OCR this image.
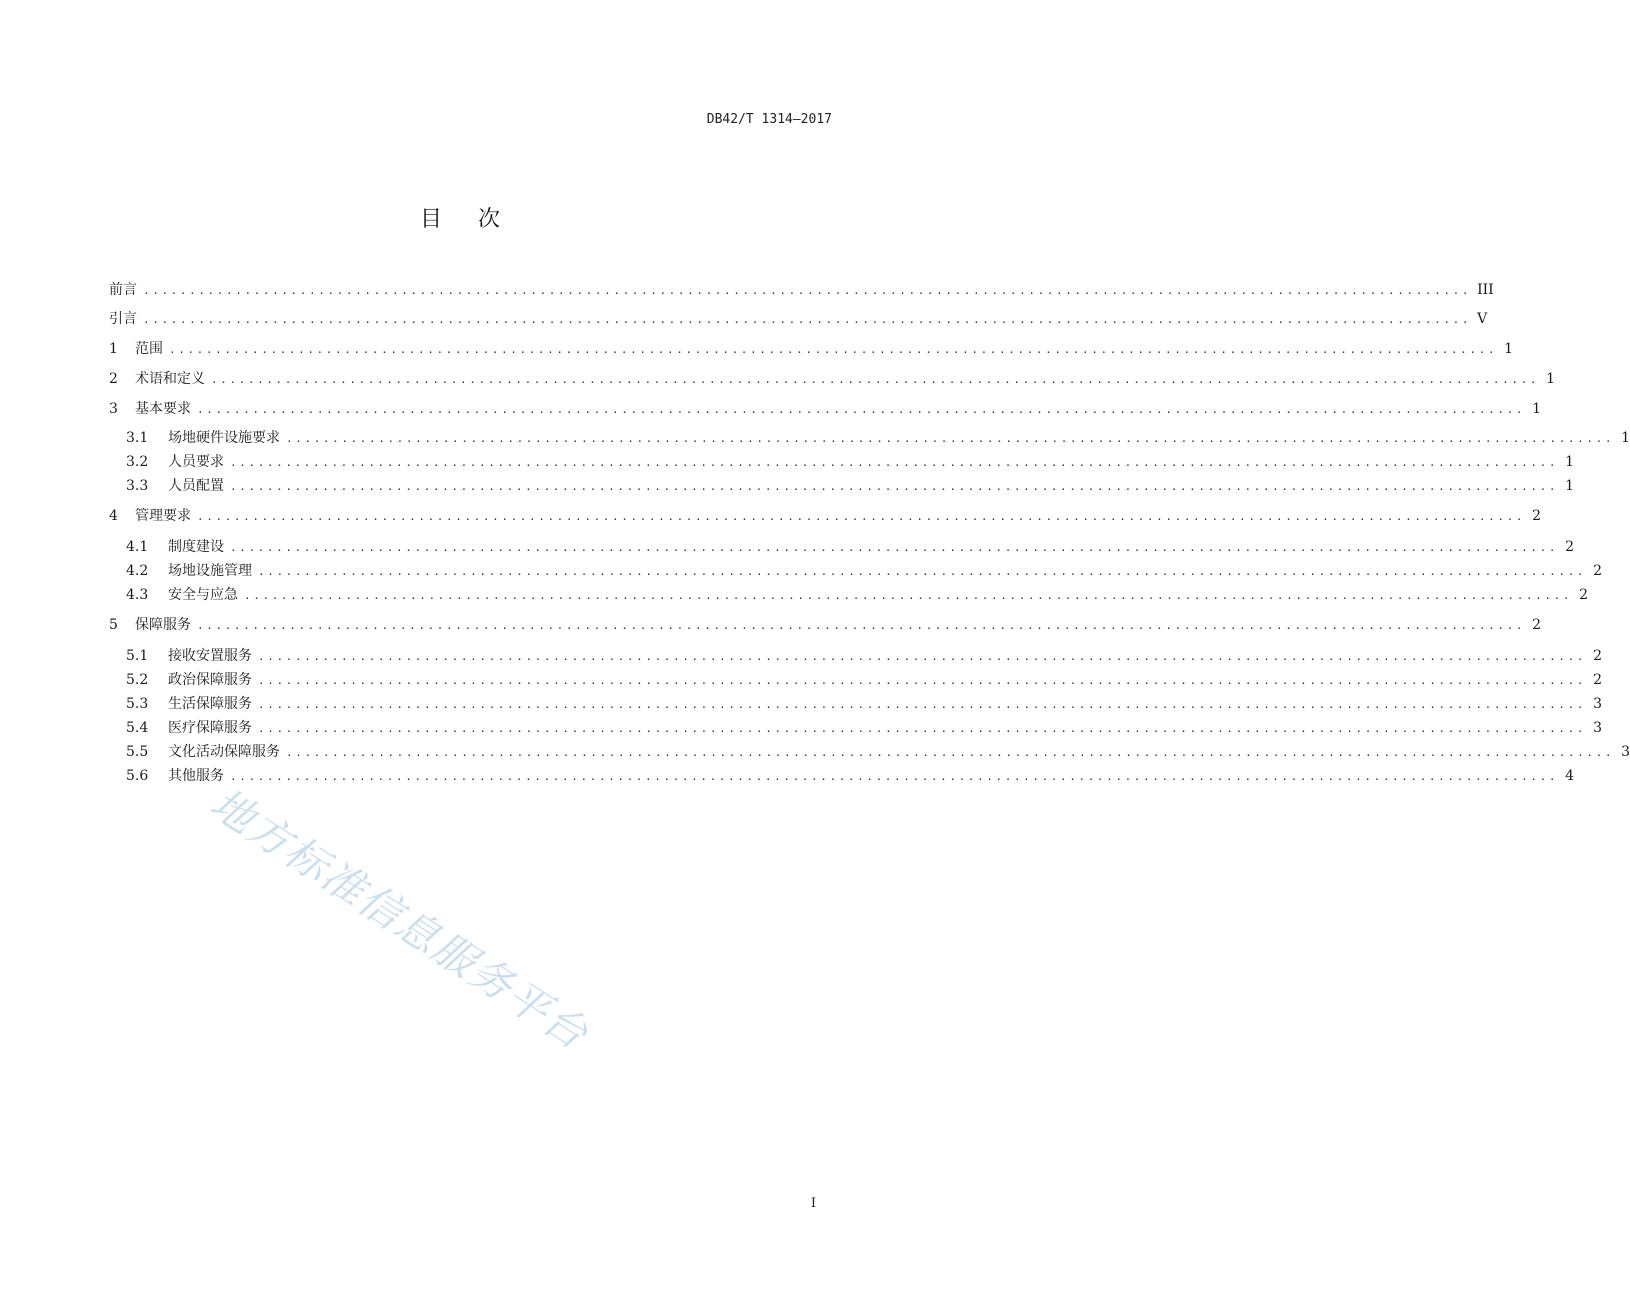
DB42/T 1314—2017
目次
前言 ................................................................................................................................................ III
引言 ................................................................................................................................................ V
1	范围 ................................................................................................................................................ 1
2	术语和定义 ................................................................................................................................................ 1
3	基本要求 ................................................................................................................................................ 1
3.1	场地硬件设施要求 ................................................................................................................................................ 1
3.2	人员要求 ................................................................................................................................................ 1
3.3	人员配置 ................................................................................................................................................ 1
4	管理要求 ................................................................................................................................................ 2
4.1	制度建设 ................................................................................................................................................ 2
4.2	场地设施管理 ................................................................................................................................................ 2
4.3	安全与应急 ................................................................................................................................................ 2
5	保障服务 ................................................................................................................................................ 2
5.1	接收安置服务 ................................................................................................................................................ 2
5.2	政治保障服务 ................................................................................................................................................ 2
5.3	生活保障服务 ................................................................................................................................................ 3
5.4	医疗保障服务 ................................................................................................................................................ 3
5.5	文化活动保障服务 ................................................................................................................................................ 3
5.6	其他服务 ................................................................................................................................................ 4
地方标准信息服务平台
I
